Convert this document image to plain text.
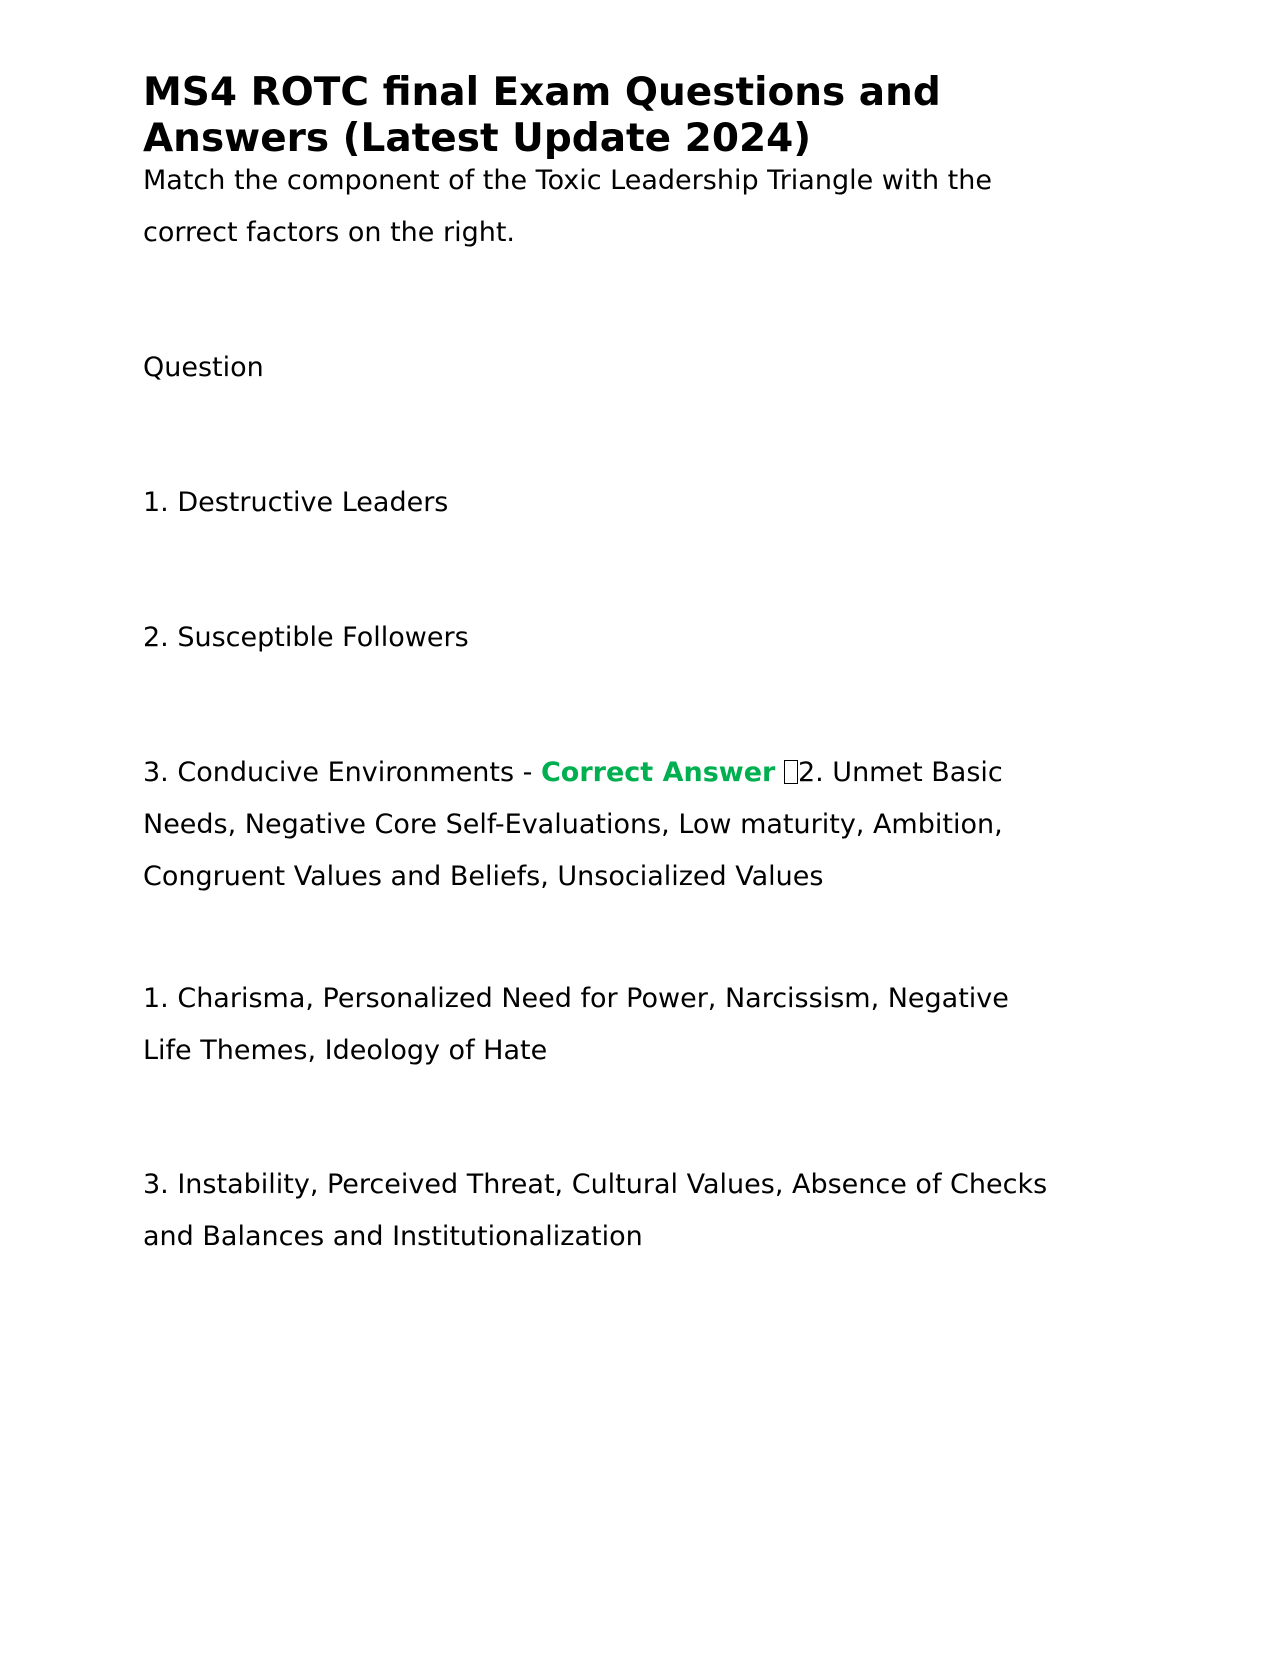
MS4 ROTC final Exam Questions and Answers (Latest Update 2024)

Match the component of the Toxic Leadership Triangle with the correct factors on the right.

Question

1. Destructive Leaders

2. Susceptible Followers

3. Conducive Environments - Correct Answer 2. Unmet Basic Needs, Negative Core Self-Evaluations, Low maturity, Ambition, Congruent Values and Beliefs, Unsocialized Values

1. Charisma, Personalized Need for Power, Narcissism, Negative Life Themes, Ideology of Hate

3. Instability, Perceived Threat, Cultural Values, Absence of Checks and Balances and Institutionalization
